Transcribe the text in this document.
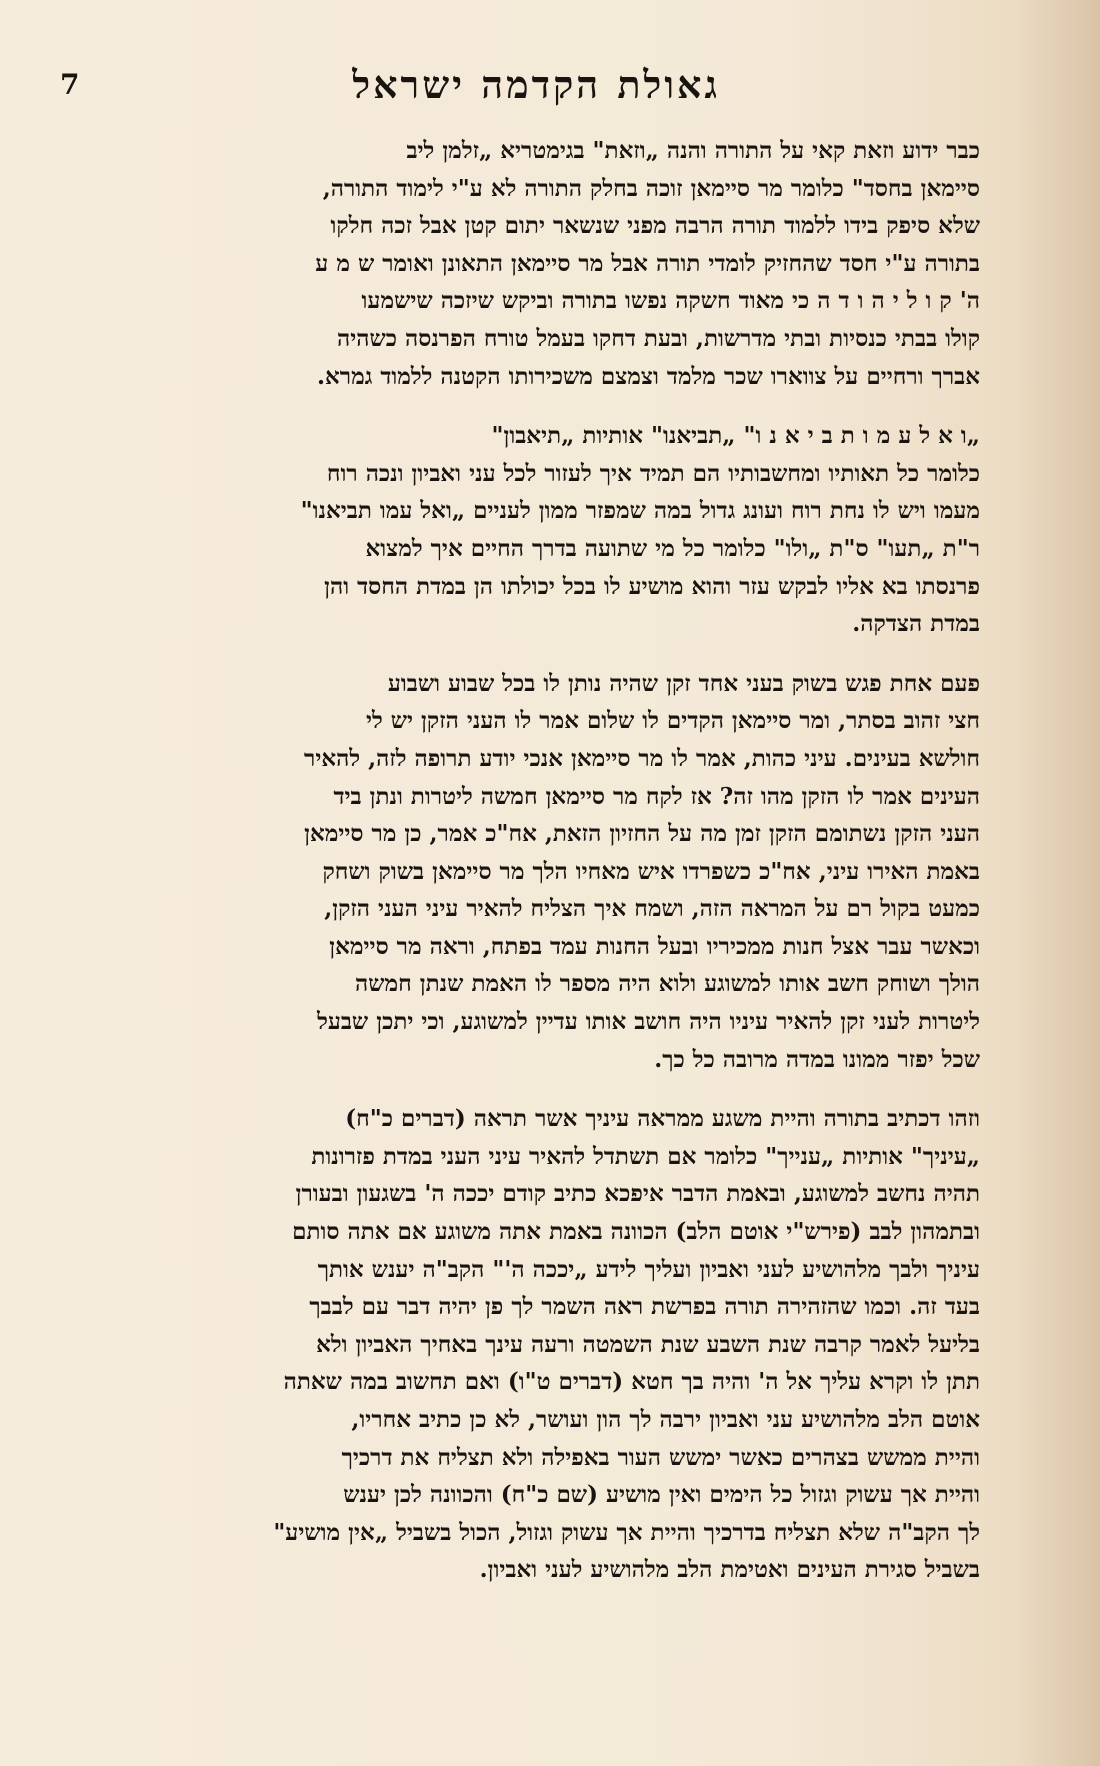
גאולת הקדמה ישראל
7

כבר ידוע וזאת קאי על התורה והנה „וזאת" בגימטריא „זלמן ליב

סיימאן בחסד" כלומר מר סיימאן זוכה בחלק התורה לא ע"י לימוד התורה,

שלא סיפק בידו ללמוד תורה הרבה מפני שנשאר יתום קטן אבל זכה חלקו

בתורה ע"י חסד שהחזיק לומדי תורה אבל מר סיימאן התאונן ואומר ש מ ע

ה' ק ו ל י ה ו ד ה כי מאוד חשקה נפשו בתורה וביקש שיזכה שישמעו

קולו בבתי כנסיות ובתי מדרשות, ובעת דחקו בעמל טורח הפרנסה כשהיה

אברך ורחיים על צווארו שכר מלמד וצמצם משכירותו הקטנה ללמוד גמרא.

„ו א ל ע מ ו ת ב י א נ ו" „תביאנו" אותיות „תיאבון"

כלומר כל תאותיו ומחשבותיו הם תמיד איך לעזור לכל עני ואביון ונכה רוח

מעמו ויש לו נחת רוח ועונג גדול במה שמפזר ממון לעניים „ואל עמו תביאנו"

ר"ת „תעו" ס"ת „ולו" כלומר כל מי שתועה בדרך החיים איך למצוא

פרנסתו בא אליו לבקש עזר והוא מושיע לו בכל יכולתו הן במדת החסד והן

במדת הצדקה.

פעם אחת פגש בשוק בעני אחד זקן שהיה נותן לו בכל שבוע ושבוע

חצי זהוב בסתר, ומר סיימאן הקדים לו שלום אמר לו העני הזקן יש לי

חולשא בעינים. עיני כהות, אמר לו מר סיימאן אנכי יודע תרופה לזה, להאיר

העינים אמר לו הזקן מהו זה? אז לקח מר סיימאן חמשה ליטרות ונתן ביד

העני הזקן נשתומם הזקן זמן מה על החזיון הזאת, אח"כ אמר, כן מר סיימאן

באמת האירו עיני, אח"כ כשפרדו איש מאחיו הלך מר סיימאן בשוק ושחק

כמעט בקול רם על המראה הזה, ושמח איך הצליח להאיר עיני העני הזקן,

וכאשר עבר אצל חנות ממכיריו ובעל החנות עמד בפתח, וראה מר סיימאן

הולך ושוחק חשב אותו למשוגע ולוא היה מספר לו האמת שנתן חמשה

ליטרות לעני זקן להאיר עיניו היה חושב אותו עדיין למשוגע, וכי יתכן שבעל

שכל יפזר ממונו במדה מרובה כל כך.

וזהו דכתיב בתורה והיית משגע ממראה עיניך אשר תראה (דברים כ"ח)

„עיניך" אותיות „ענייך" כלומר אם תשתדל להאיר עיני העני במדת פזרונות

תהיה נחשב למשוגע, ובאמת הדבר איפכא כתיב קודם יככה ה' בשגעון ובעורן

ובתמהון לבב (פירש"י אוטם הלב) הכוונה באמת אתה משוגע אם אתה סותם

עיניך ולבך מלהושיע לעני ואביון ועליך לידע „יככה ה'" הקב"ה יענש אותך

בעד זה. וכמו שהזהירה תורה בפרשת ראה השמר לך פן יהיה דבר עם לבבך

בליעל לאמר קרבה שנת השבע שנת השמטה ורעה עינך באחיך האביון ולא

תתן לו וקרא עליך אל ה' והיה בך חטא (דברים ט"ו) ואם תחשוב במה שאתה

אוטם הלב מלהושיע עני ואביון ירבה לך הון ועושר, לא כן כתיב אחריו,

והיית ממשש בצהרים כאשר ימשש העור באפילה ולא תצליח את דרכיך

והיית אך עשוק וגזול כל הימים ואין מושיע (שם כ"ח) והכוונה לכן יענש

לך הקב"ה שלא תצליח בדרכיך והיית אך עשוק וגזול, הכול בשביל „אין מושיע"

בשביל סגירת העינים ואטימת הלב מלהושיע לעני ואביון.
